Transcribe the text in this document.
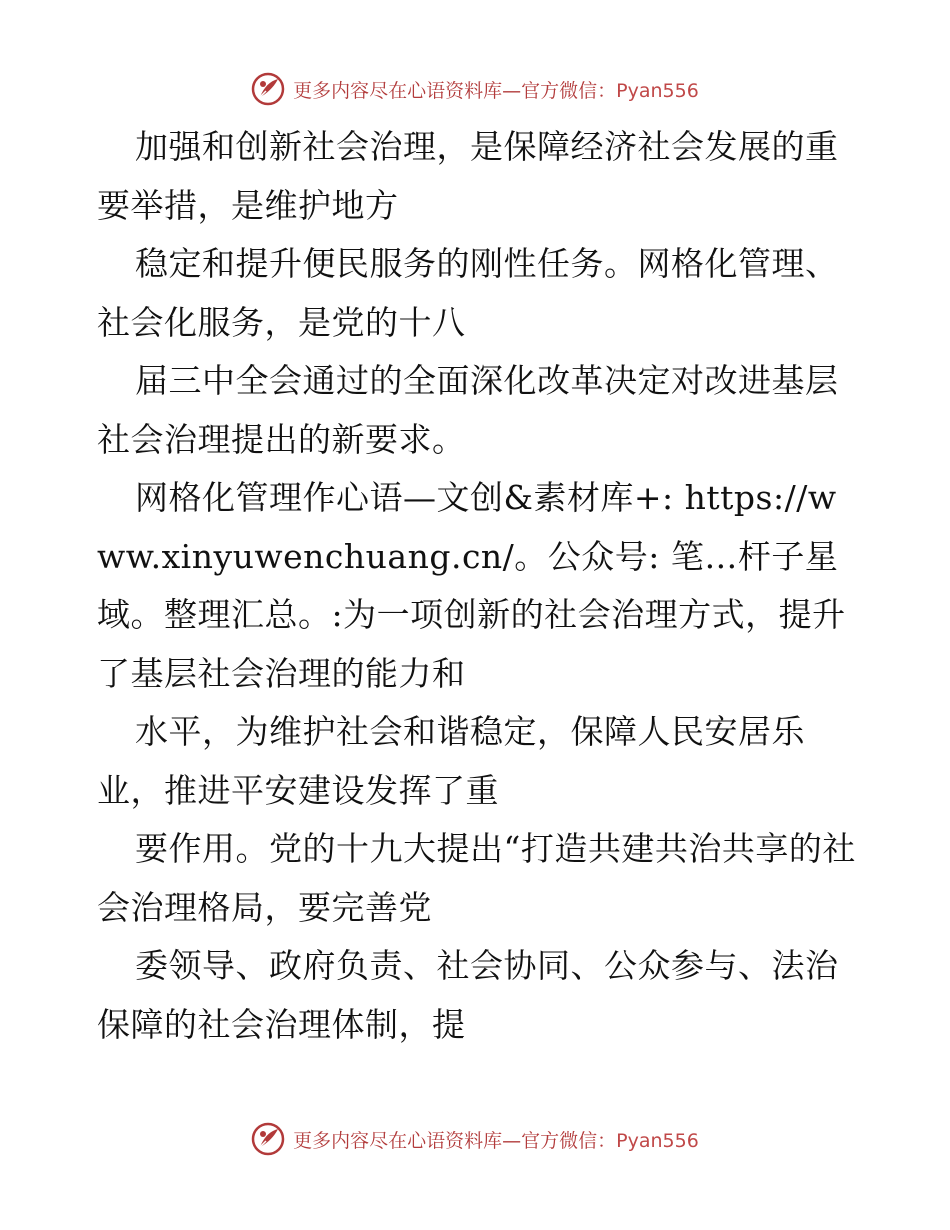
更多内容尽在心语资料库—官方微信：Pyan556

加强和创新社会治理，是保障经济社会发展的重要举措，是维护地方

稳定和提升便民服务的刚性任务。网格化管理、社会化服务，是党的十八

届三中全会通过的全面深化改革决定对改进基层社会治理提出的新要求。

网格化管理作心语—文创&素材库+: https://www.xinyuwenchuang.cn/。公众号: 笔…杆子星域。整理汇总。:为一项创新的社会治理方式，提升了基层社会治理的能力和

水平，为维护社会和谐稳定，保障人民安居乐业，推进平安建设发挥了重

要作用。党的十九大提出“打造共建共治共享的社会治理格局，要完善党

委领导、政府负责、社会协同、公众参与、法治保障的社会治理体制，提

更多内容尽在心语资料库—官方微信：Pyan556
